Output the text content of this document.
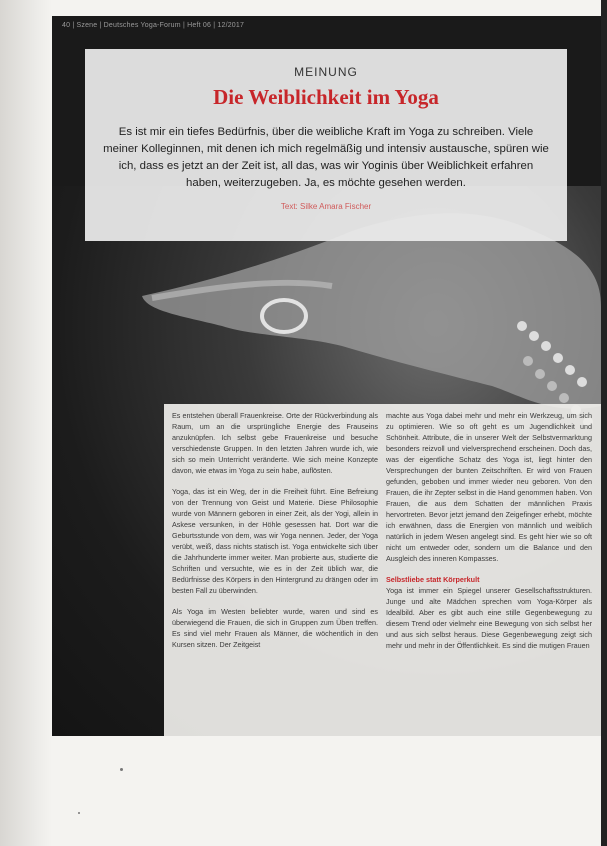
40 | Szene | Deutsches Yoga-Forum | Heft 06 | 12/2017

Es entstehen überall Frauenkreise. Orte der Rückverbindung als Raum, um an die ursprüngliche Energie des Frauseins anzuknüpfen. Ich selbst gebe Frauenkreise und besuche verschiedenste Gruppen. In den letzten Jahren wurde ich, wie sich so mein Unterricht veränderte. Wie sich meine Konzepte davon, wie etwas im Yoga zu sein habe, auflösten.

Yoga, das ist ein Weg, der in die Freiheit führt. Eine Befreiung von der Trennung von Geist und Materie. Diese Philosophie wurde von Männern geboren in einer Zeit, als der Yogi, allein in Askese versunken, in der Höhle gesessen hat. Dort war die Geburtsstunde von dem, was wir Yoga nennen. Jeder, der Yoga verübt, weiß, dass nichts statisch ist. Yoga entwickelte sich über die Jahrhunderte immer weiter. Man probierte aus, studierte die Schriften und versuchte, wie es in der Zeit üblich war, die Bedürfnisse des Körpers in den Hintergrund zu drängen oder im besten Fall zu überwinden.

Als Yoga im Westen beliebter wurde, waren und sind es überwiegend die Frauen, die sich in Gruppen zum Üben treffen. Es sind viel mehr Frauen als Männer, die wöchentlich in den Kursen sitzen. Der Zeitgeist

machte aus Yoga dabei mehr und mehr ein Werkzeug, um sich zu optimieren. Wie so oft geht es um Jugendlichkeit und Schönheit. Attribute, die in unserer Welt der Selbstvermarktung besonders reizvoll und vielversprechend erscheinen. Doch das, was der eigentliche Schatz des Yoga ist, liegt hinter den Versprechungen der bunten Zeitschriften. Er wird von Frauen gefunden, geboben und immer wieder neu geboren. Von den Frauen, die ihr Zepter selbst in die Hand genommen haben. Von Frauen, die aus dem Schatten der männlichen Praxis hervortreten. Bevor jetzt jemand den Zeigefinger erhebt, möchte ich erwähnen, dass die Energien von männlich und weiblich natürlich in jedem Wesen angelegt sind. Es geht hier wie so oft nicht um entweder oder, sondern um die Balance und den Ausgleich des inneren Kompasses.

Selbstliebe statt Körperkult

Yoga ist immer ein Spiegel unserer Gesellschaftsstrukturen. Junge und alte Mädchen sprechen vom Yoga-Körper als Idealbild. Aber es gibt auch eine stille Gegenbewegung zu diesem Trend oder vielmehr eine Bewegung von sich selbst her und aus sich selbst heraus. Diese Gegenbewegung zeigt sich mehr und mehr in der Öffentlichkeit. Es sind die mutigen Frauen

MEINUNG
Die Weiblichkeit im Yoga
Es ist mir ein tiefes Bedürfnis, über die weibliche Kraft im Yoga zu schreiben. Viele meiner Kolleginnen, mit denen ich mich regelmäßig und intensiv austausche, spüren wie ich, dass es jetzt an der Zeit ist, all das, was wir Yoginis über Weiblichkeit erfahren haben, weiterzugeben. Ja, es möchte gesehen werden.
Text: Silke Amara Fischer
